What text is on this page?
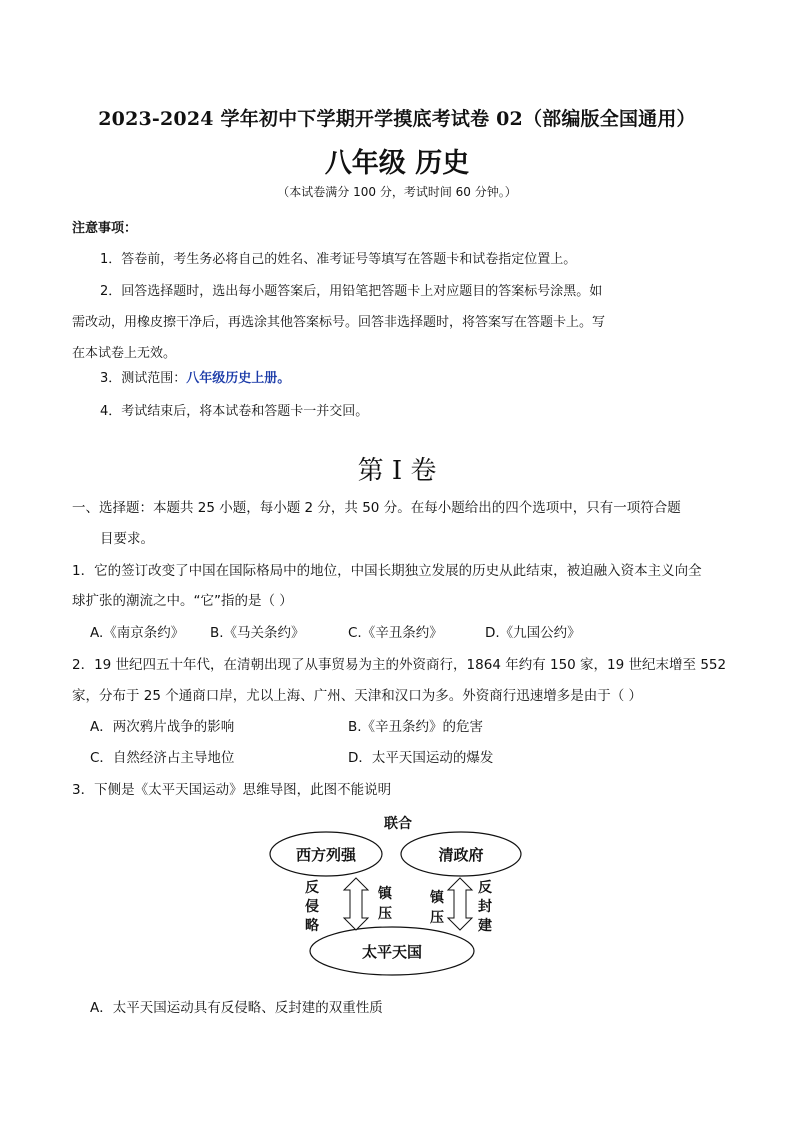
2023-2024 学年初中下学期开学摸底考试卷 02（部编版全国通用）
八年级 历史
（本试卷满分 100 分，考试时间 60 分钟。）
注意事项：
1．答卷前，考生务必将自己的姓名、准考证号等填写在答题卡和试卷指定位置上。
2．回答选择题时，选出每小题答案后，用铅笔把答题卡上对应题目的答案标号涂黑。如
需改动，用橡皮擦干净后，再选涂其他答案标号。回答非选择题时，将答案写在答题卡上。写
在本试卷上无效。
3．测试范围：八年级历史上册。
4．考试结束后，将本试卷和答题卡一并交回。
第 I 卷
一、选择题：本题共 25 小题，每小题 2 分，共 50 分。在每小题给出的四个选项中，只有一项符合题
目要求。
1．它的签订改变了中国在国际格局中的地位，中国长期独立发展的历史从此结束，被迫融入资本主义向全
球扩张的潮流之中。“它”指的是（ ）
A.《南京条约》 B.《马关条约》	C.《辛丑条约》	D.《九国公约》
2．19 世纪四五十年代，在清朝出现了从事贸易为主的外资商行，1864 年约有 150 家，19 世纪末增至 552
家，分布于 25 个通商口岸，尤以上海、广州、天津和汉口为多。外资商行迅速增多是由于（ ）
A．两次鸦片战争的影响	B.《辛丑条约》的危害
C．自然经济占主导地位	D．太平天国运动的爆发
3．下侧是《太平天国运动》思维导图，此图不能说明
联合
西方列强	清政府
太平天国
反
侵
略
镇
压
镇
压
反
封
建
A．太平天国运动具有反侵略、反封建的双重性质
